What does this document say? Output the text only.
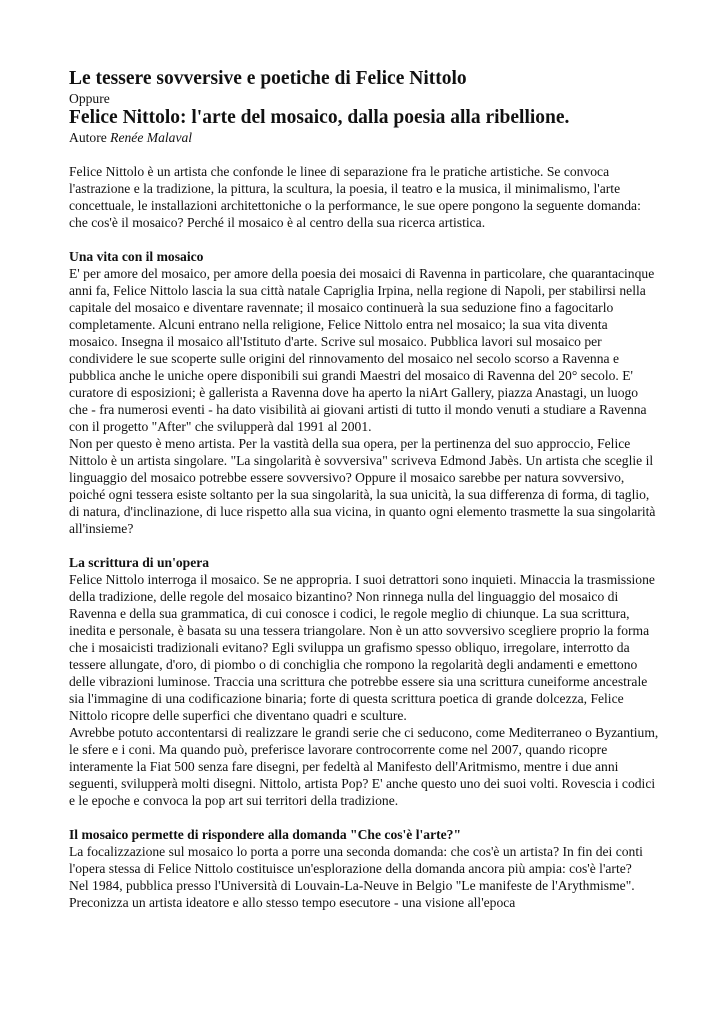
Le tessere sovversive e poetiche di Felice Nittolo

Oppure

Felice Nittolo: l'arte del mosaico, dalla poesia alla ribellione.

Autore Renée Malaval

Felice Nittolo è un artista che confonde le linee di separazione fra le pratiche artistiche. Se convoca l'astrazione e la tradizione, la pittura, la scultura, la poesia, il teatro e la musica, il minimalismo, l'arte concettuale, le installazioni architettoniche o la performance, le sue opere pongono la seguente domanda: che cos'è il mosaico? Perché il mosaico è al centro della sua ricerca artistica.

Una vita con il mosaico

E' per amore del mosaico, per amore della poesia dei mosaici di Ravenna in particolare, che quarantacinque anni fa, Felice Nittolo lascia la sua città natale Capriglia Irpina, nella regione di Napoli, per stabilirsi nella capitale del mosaico e diventare ravennate; il mosaico continuerà la sua seduzione fino a fagocitarlo completamente. Alcuni entrano nella religione, Felice Nittolo entra nel mosaico; la sua vita diventa mosaico. Insegna il mosaico all'Istituto d'arte. Scrive sul mosaico. Pubblica lavori sul mosaico per condividere le sue scoperte sulle origini del rinnovamento del mosaico nel secolo scorso a Ravenna e pubblica anche le uniche opere disponibili sui grandi Maestri del mosaico di Ravenna del 20° secolo. E' curatore di esposizioni; è gallerista a Ravenna dove ha aperto la niArt Gallery, piazza Anastagi, un luogo che - fra numerosi eventi - ha dato visibilità ai giovani artisti di tutto il mondo venuti a studiare a Ravenna con il progetto "After" che svilupperà dal 1991 al 2001.

Non per questo è meno artista. Per la vastità della sua opera, per la pertinenza del suo approccio, Felice Nittolo è un artista singolare. "La singolarità è sovversiva" scriveva Edmond Jabès. Un artista che sceglie il linguaggio del mosaico potrebbe essere sovversivo? Oppure il mosaico sarebbe per natura sovversivo, poiché ogni tessera esiste soltanto per la sua singolarità, la sua unicità, la sua differenza di forma, di taglio, di natura, d'inclinazione, di luce rispetto alla sua vicina, in quanto ogni elemento trasmette la sua singolarità all'insieme?

La scrittura di un'opera

Felice Nittolo interroga il mosaico. Se ne appropria. I suoi detrattori sono inquieti. Minaccia la trasmissione della tradizione, delle regole del mosaico bizantino? Non rinnega nulla del linguaggio del mosaico di Ravenna e della sua grammatica, di cui conosce i codici, le regole meglio di chiunque. La sua scrittura, inedita e personale, è basata su una tessera triangolare. Non è un atto sovversivo scegliere proprio la forma che i mosaicisti tradizionali evitano? Egli sviluppa un grafismo spesso obliquo, irregolare, interrotto da tessere allungate, d'oro, di piombo o di conchiglia che rompono la regolarità degli andamenti e emettono delle vibrazioni luminose. Traccia una scrittura che potrebbe essere sia una scrittura cuneiforme ancestrale sia l'immagine di una codificazione binaria; forte di questa scrittura poetica di grande dolcezza, Felice Nittolo ricopre delle superfici che diventano quadri e sculture.

Avrebbe potuto accontentarsi di realizzare le grandi serie che ci seducono, come Mediterraneo o Byzantium, le sfere e i coni. Ma quando può, preferisce lavorare controcorrente come nel 2007, quando ricopre interamente la Fiat 500 senza fare disegni, per fedeltà al Manifesto dell'Aritmismo, mentre i due anni seguenti, svilupperà molti disegni. Nittolo, artista Pop? E' anche questo uno dei suoi volti. Rovescia i codici e le epoche e convoca la pop art sui territori della tradizione.

Il mosaico permette di rispondere alla domanda "Che cos'è l'arte?"

La focalizzazione sul mosaico lo porta a porre una seconda domanda: che cos'è un artista? In fin dei conti l'opera stessa di Felice Nittolo costituisce un'esplorazione della domanda ancora più ampia: cos'è l'arte?

Nel 1984, pubblica presso l'Università di Louvain-La-Neuve in Belgio "Le manifeste de l'Arythmisme". Preconizza un artista ideatore e allo stesso tempo esecutore - una visione all'epoca
